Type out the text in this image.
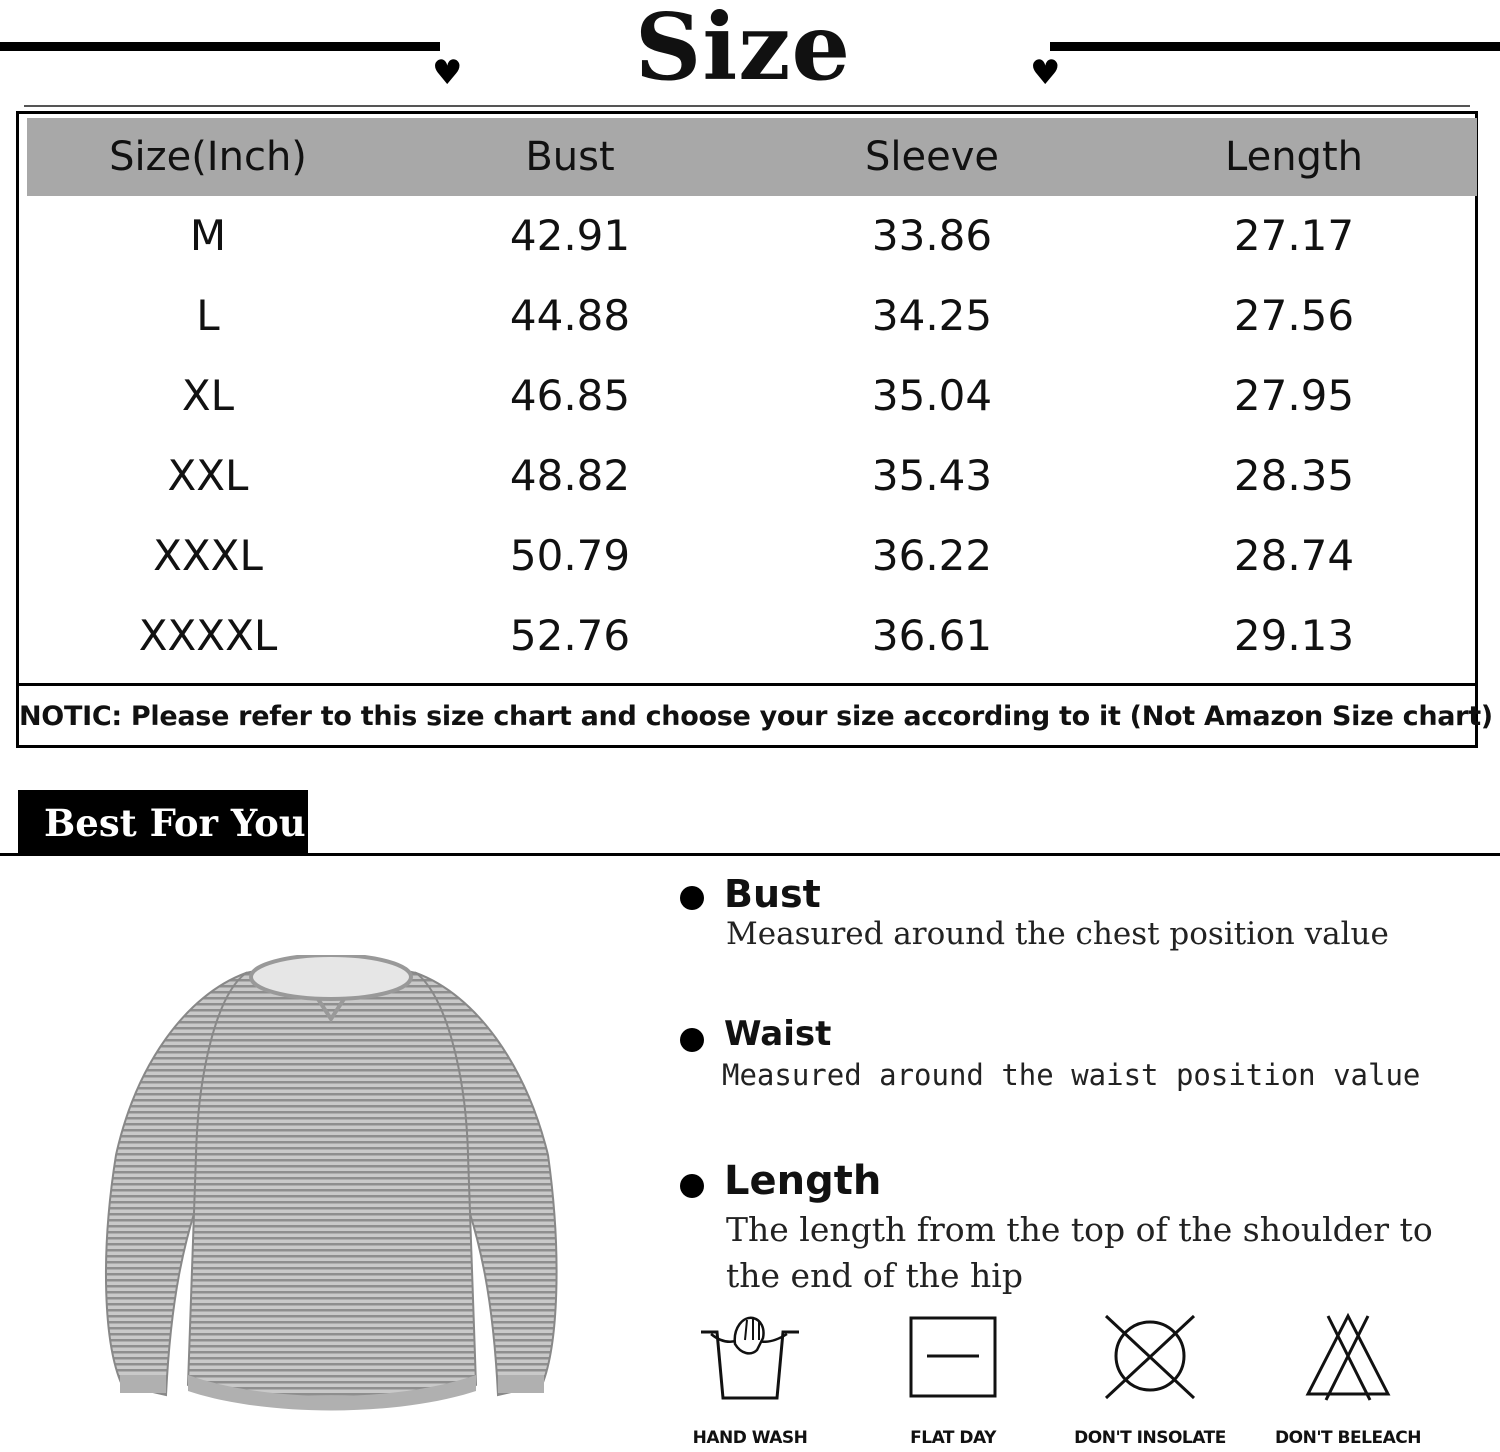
♥	♥
Size
Size(Inch)	Bust	Sleeve	Length
M	42.91	33.86	27.17
L	44.88	34.25	27.56
XL	46.85	35.04	27.95
XXL	48.82	35.43	28.35
XXXL	50.79	36.22	28.74
XXXXL	52.76	36.61	29.13
NOTIC: Please refer to this size chart and choose your size according to it (Not Amazon Size chart)
Best For You
Bust
Measured around the chest position value
Waist
Measured around the waist position value
Length
The length from the top of the shoulder to
the end of the hip
HAND WASH	FLAT DAY	DON'T INSOLATE	DON'T BELEACH
